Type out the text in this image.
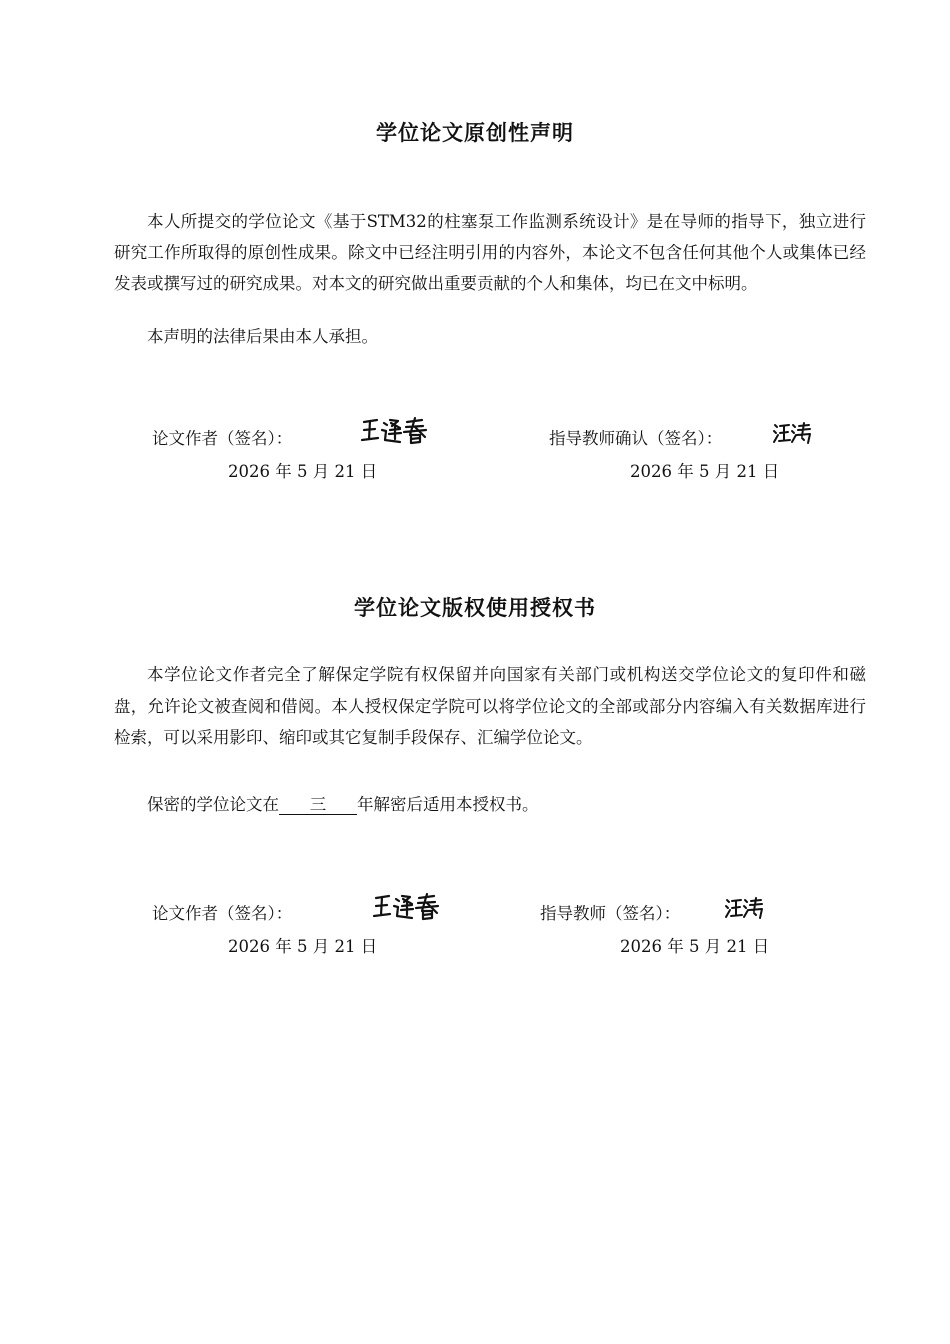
学位论文原创性声明

本人所提交的学位论文《基于STM32的柱塞泵工作监测系统设计》是在导师的指导下，独立进行研究工作所取得的原创性成果。除文中已经注明引用的内容外，本论文不包含任何其他个人或集体已经发表或撰写过的研究成果。对本文的研究做出重要贡献的个人和集体，均已在文中标明。

本声明的法律后果由本人承担。

论文作者（签名）：
2026 年 5 月 21 日
指导教师确认（签名）：
2026 年 5 月 21 日
学位论文版权使用授权书

本学位论文作者完全了解保定学院有权保留并向国家有关部门或机构送交学位论文的复印件和磁盘，允许论文被查阅和借阅。本人授权保定学院可以将学位论文的全部或部分内容编入有关数据库进行检索，可以采用影印、缩印或其它复制手段保存、汇编学位论文。

保密的学位论文在 三 年解密后适用本授权书。

论文作者（签名）：
2026 年 5 月 21 日
指导教师（签名）：
2026 年 5 月 21 日
